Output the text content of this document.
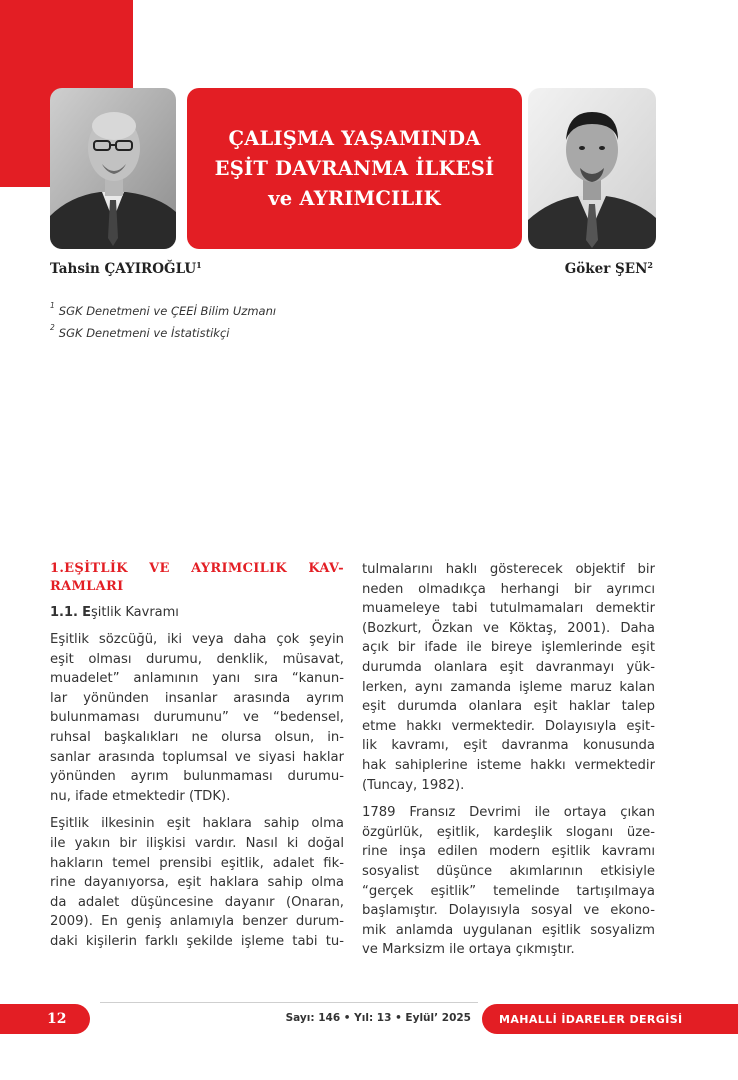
ÇALIŞMA YAŞAMINDA
EŞİT DAVRANMA İLKESİ
ve AYRIMCILIK
Tahsin ÇAYIROĞLU$^1$	Göker ŞEN$^2$
$^1$ SGK Denetmeni ve ÇEEİ Bilim Uzmanı
$^2$ SGK Denetmeni ve İstatistikçi
1.EŞİTLİK VE AYRIMCILIK KAV-
RAMLARI
1.1. Eşitlik Kavramı
Eşitlik sözcüğü, iki veya daha çok şeyin
eşit olması durumu, denklik, müsavat,
muadelet” anlamının yanı sıra “kanun-
lar yönünden insanlar arasında ayrım
bulunmaması durumunu” ve “bedensel,
ruhsal başkalıkları ne olursa olsun, in-
sanlar arasında toplumsal ve siyasi haklar
yönünden ayrım bulunmaması durumu-
nu, ifade etmektedir (TDK).
Eşitlik ilkesinin eşit haklara sahip olma
ile yakın bir ilişkisi vardır. Nasıl ki doğal
hakların temel prensibi eşitlik, adalet fik-
rine dayanıyorsa, eşit haklara sahip olma
da adalet düşüncesine dayanır (Onaran,
2009). En geniş anlamıyla benzer durum-
daki kişilerin farklı şekilde işleme tabi tu-
tulmalarını haklı gösterecek objektif bir
neden olmadıkça herhangi bir ayrımcı
muameleye tabi tutulmamaları demektir
(Bozkurt, Özkan ve Köktaş, 2001). Daha
açık bir ifade ile bireye işlemlerinde eşit
durumda olanlara eşit davranmayı yük-
lerken, aynı zamanda işleme maruz kalan
eşit durumda olanlara eşit haklar talep
etme hakkı vermektedir. Dolayısıyla eşit-
lik kavramı, eşit davranma konusunda
hak sahiplerine isteme hakkı vermektedir
(Tuncay, 1982).
1789 Fransız Devrimi ile ortaya çıkan
özgürlük, eşitlik, kardeşlik sloganı üze-
rine inşa edilen modern eşitlik kavramı
sosyalist düşünce akımlarının etkisiyle
“gerçek eşitlik” temelinde tartışılmaya
başlamıştır. Dolayısıyla sosyal ve ekono-
mik anlamda uygulanan eşitlik sosyalizm
ve Marksizm ile ortaya çıkmıştır.
12	Sayı: 146 • Yıl: 13 • Eylül’ 2025	MAHALLİ İDARELER DERGİSİ
